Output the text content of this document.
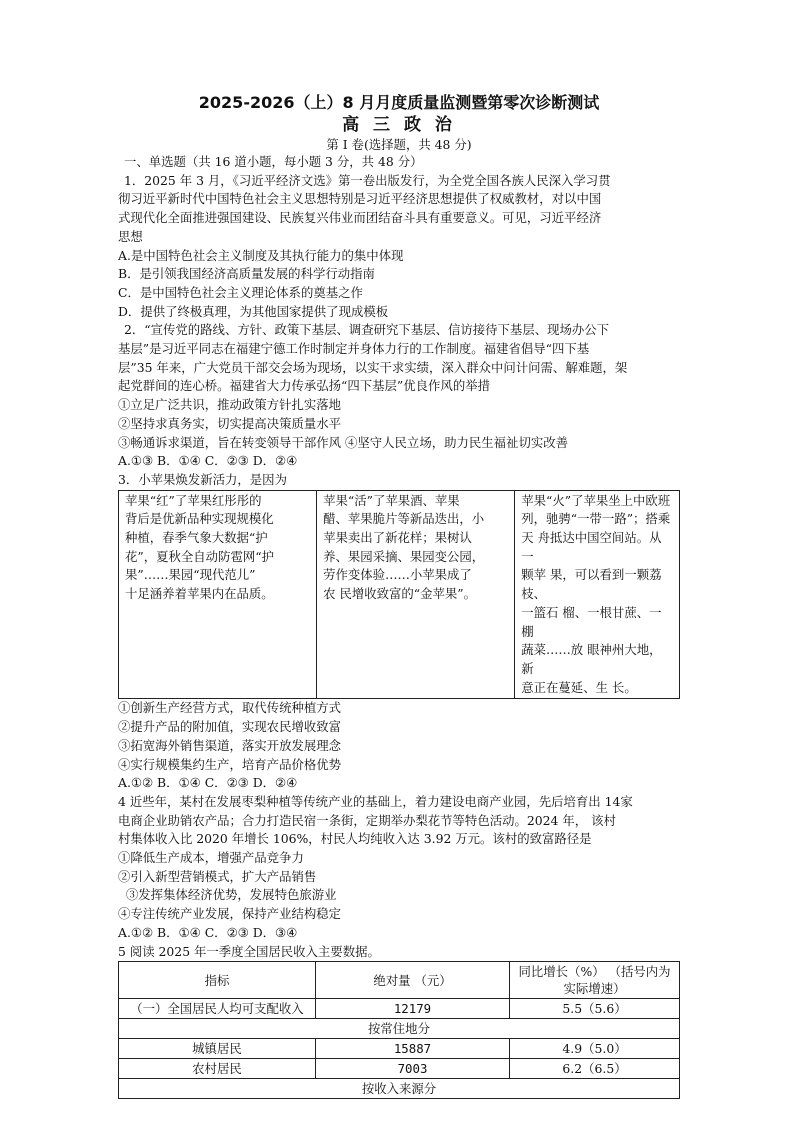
2025-2026（上）8 月月度质量监测暨第零次诊断测试
高 三 政 治
第 I 卷(选择题，共 48 分)
一、单选题（共 16 道小题，每小题 3 分，共 48 分）
1．2025 年 3 月，《习近平经济文选》第一卷出版发行，为全党全国各族人民深入学习贯
彻习近平新时代中国特色社会主义思想特别是习近平经济思想提供了权威教材，对以中国
式现代化全面推进强国建设、民族复兴伟业而团结奋斗具有重要意义。可见，习近平经济
思想
A.是中国特色社会主义制度及其执行能力的集中体现
B．是引领我国经济高质量发展的科学行动指南
C．是中国特色社会主义理论体系的奠基之作
D．提供了终极真理，为其他国家提供了现成模板
2．“宣传党的路线、方针、政策下基层、调查研究下基层、信访接待下基层、现场办公下
基层”是习近平同志在福建宁德工作时制定并身体力行的工作制度。福建省倡导“四下基
层”35 年来，广大党员干部交会场为现场，以实干求实绩，深入群众中问计问需、解难题，架
起党群间的连心桥。福建省大力传承弘扬“四下基层”优良作风的举措
①立足广泛共识，推动政策方针扎实落地
②坚持求真务实，切实提高决策质量水平
③畅通诉求渠道，旨在转变领导干部作风 ④坚守人民立场，助力民生福祉切实改善
A.①③ B．①④ C．②③ D．②④
3．小苹果焕发新活力，是因为
苹果“红”了苹果红彤彤的
背后是优新品种实现规模化
种植，春季气象大数据“护
花”，夏秋全自动防雹网“护
果”……果园“现代范儿”
十足涵养着苹果内在品质。

苹果“活”了苹果酒、苹果
醋、苹果脆片等新品迭出，小
苹果卖出了新花样；果树认
养、果园采摘、果园变公园，
劳作变体验……小苹果成了
农 民增收致富的“金苹果”。

苹果“火”了苹果坐上中欧班
列，驰骋“一带一路”；搭乘
天 舟抵达中国空间站。从一
颗苹 果，可以看到一颗荔枝、
一篮石 榴、一根甘蔗、一棚
蔬菜……放 眼神州大地，新
意正在蔓延、生 长。
①创新生产经营方式，取代传统种植方式
②提升产品的附加值，实现农民增收致富
③拓宽海外销售渠道，落实开放发展理念
④实行规模集约生产，培育产品价格优势
A.①② B．①④ C．②③ D．②④
4 近些年，某村在发展枣梨种植等传统产业的基础上，着力建设电商产业园，先后培育出 14家
电商企业助销农产品；合力打造民宿一条街，定期举办梨花节等特色活动。2024 年， 该村
村集体收入比 2020 年增长 106%，村民人均纯收入达 3.92 万元。该村的致富路径是
①降低生产成本，增强产品竞争力
②引入新型营销模式，扩大产品销售
③发挥集体经济优势，发展特色旅游业
④专注传统产业发展，保持产业结构稳定
A.①② B．①④ C．②③ D．③④
5 阅读 2025 年一季度全国居民收入主要数据。
指标	绝对量 （元）	同比增长（%） （括号内为实际增速）
（一）全国居民人均可支配收入	12179	5.5（5.6）
按常住地分		
城镇居民	15887	4.9（5.0）
农村居民	7003	6.2（6.5）
按收入来源分		
